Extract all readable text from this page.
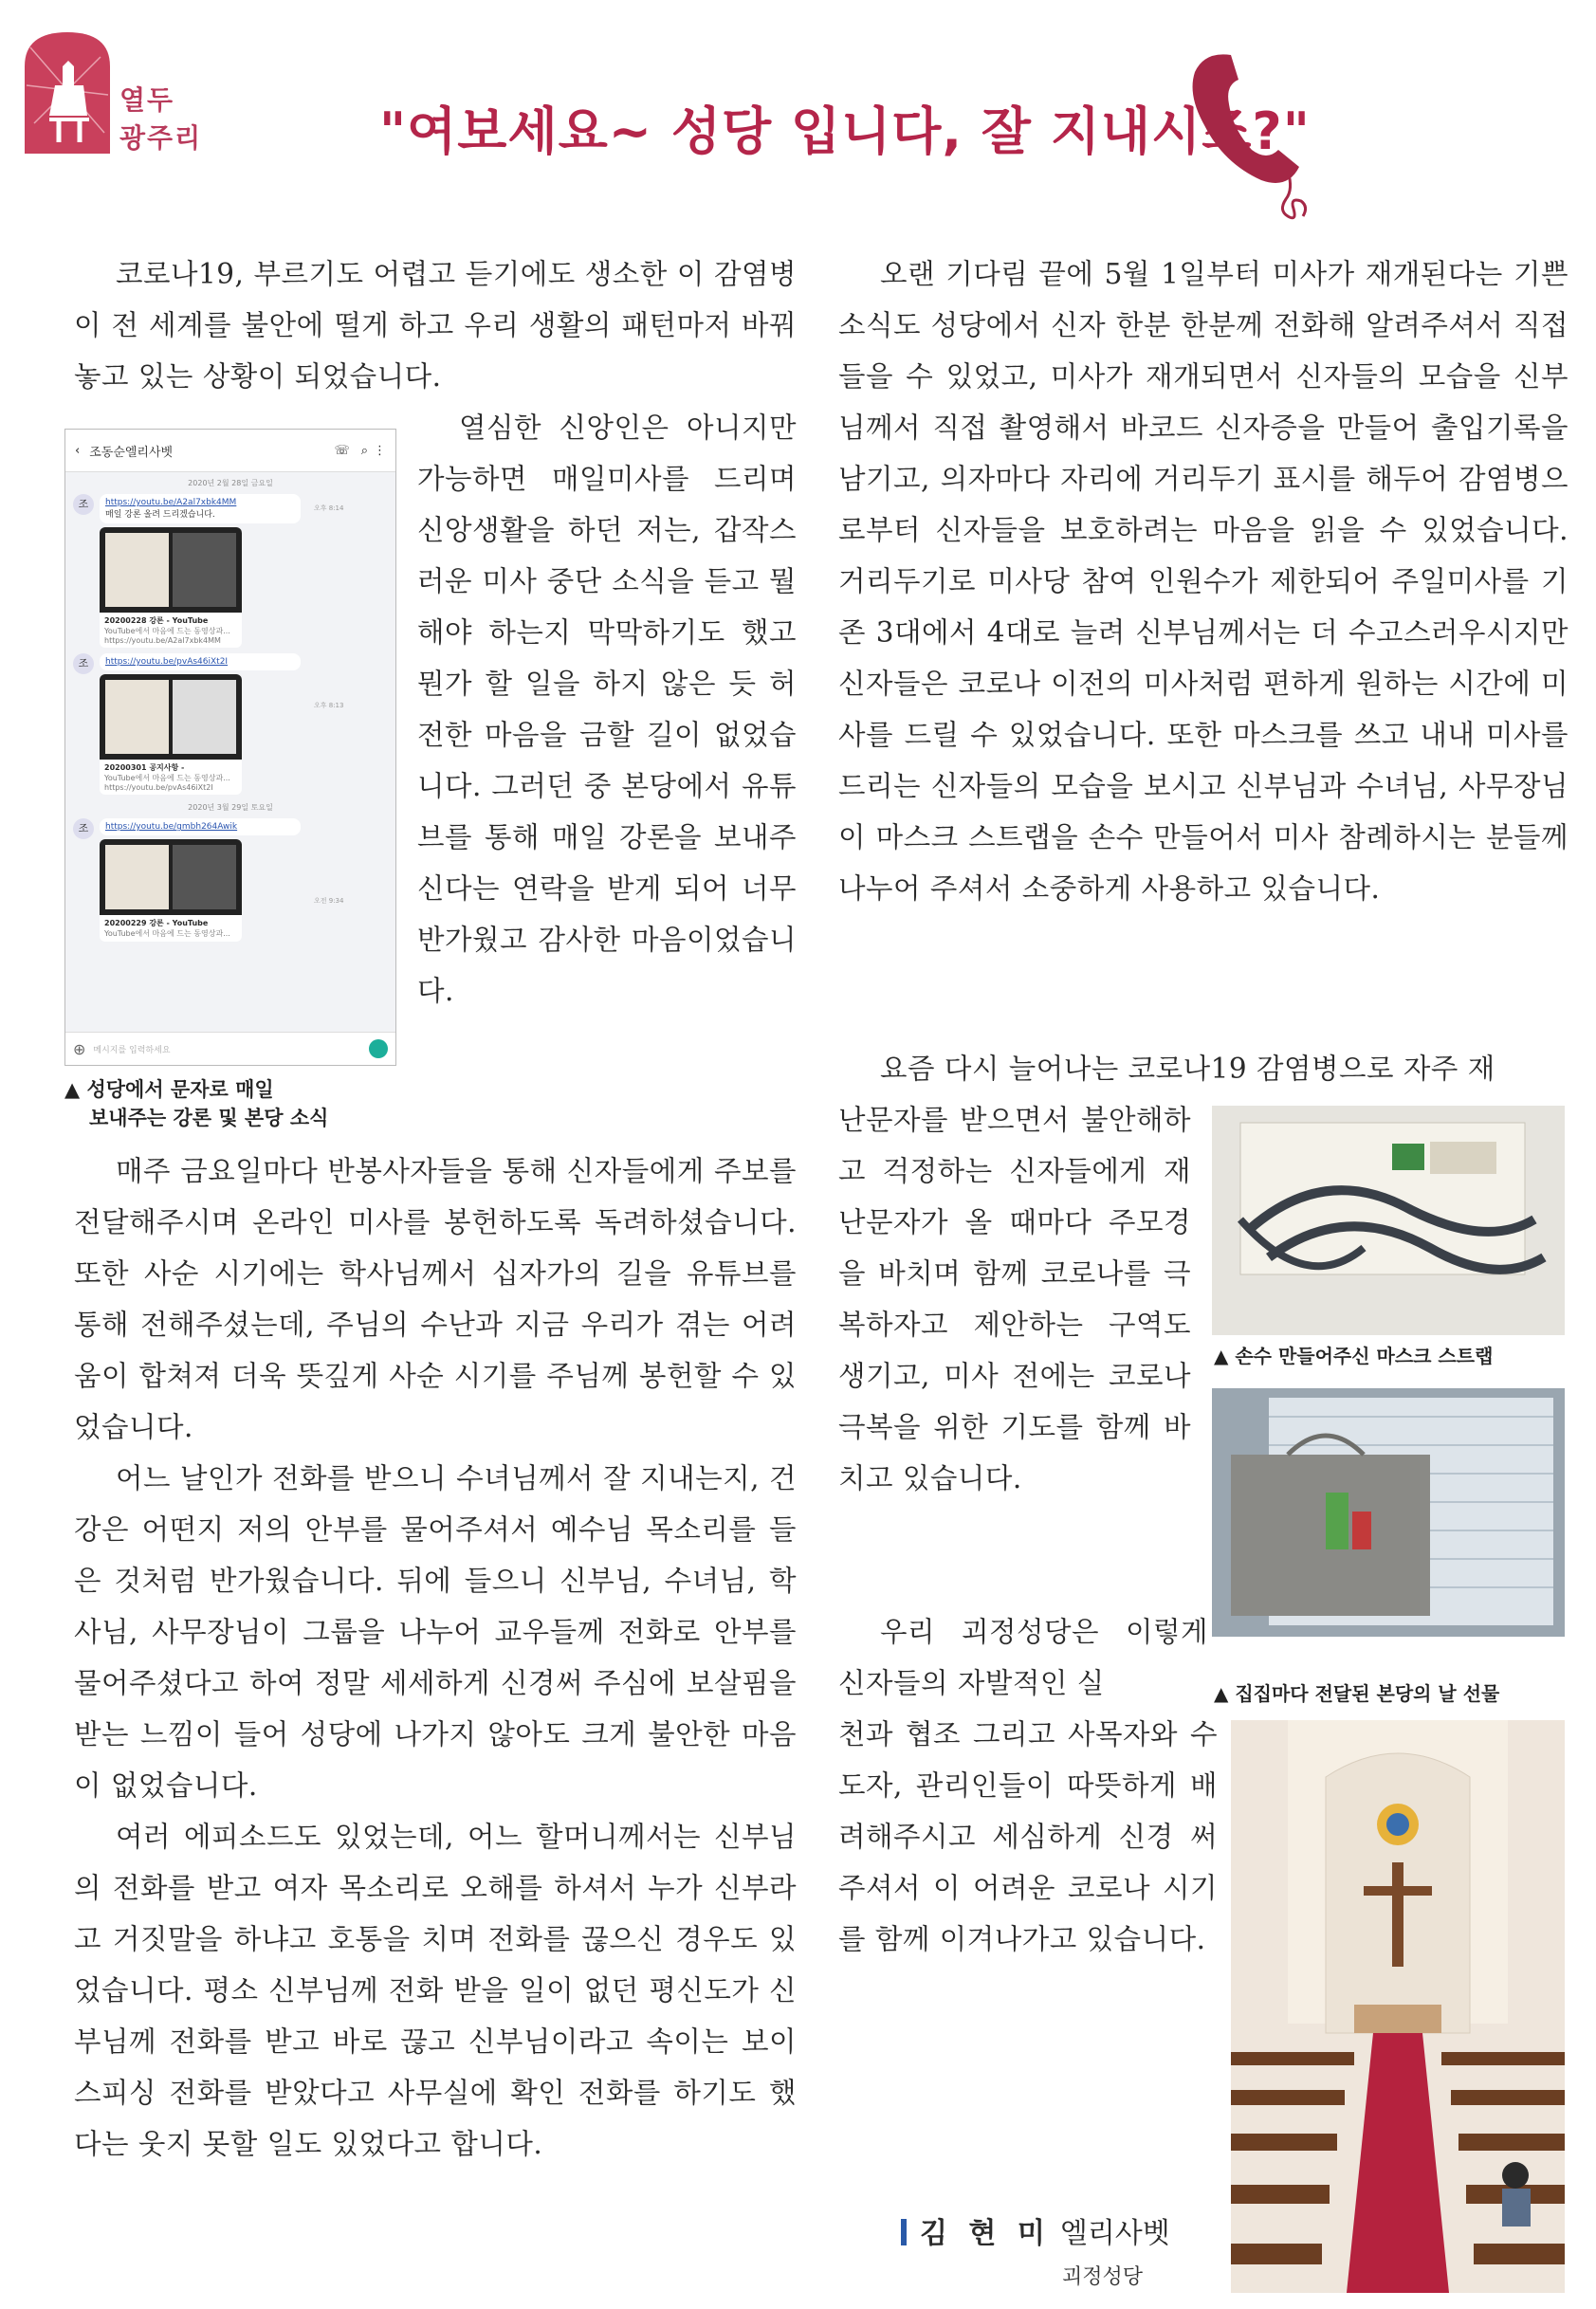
열두
광주리	"여보세요~ 성당 입니다, 잘 지내시죠?"

코로나19, 부르기도 어렵고 듣기에도 생소한 이 감염병이 전 세계를 불안에 떨게 하고 우리 생활의 패턴마저 바꿔놓고 있는 상황이 되었습니다.

열심한 신앙인은 아니지만 가능하면 매일미사를 드리며 신앙생활을 하던 저는, 갑작스러운 미사 중단 소식을 듣고 뭘 해야 하는지 막막하기도 했고 뭔가 할 일을 하지 않은 듯 허전한 마음을 금할 길이 없었습니다. 그러던 중 본당에서 유튜브를 통해 매일 강론을 보내주신다는 연락을 받게 되어 너무 반가웠고 감사한 마음이었습니다.

매주 금요일마다 반봉사자들을 통해 신자들에게 주보를 전달해주시며 온라인 미사를 봉헌하도록 독려하셨습니다. 또한 사순 시기에는 학사님께서 십자가의 길을 유튜브를 통해 전해주셨는데, 주님의 수난과 지금 우리가 겪는 어려움이 합쳐져 더욱 뜻깊게 사순 시기를 주님께 봉헌할 수 있었습니다.

어느 날인가 전화를 받으니 수녀님께서 잘 지내는지, 건강은 어떤지 저의 안부를 물어주셔서 예수님 목소리를 들은 것처럼 반가웠습니다. 뒤에 들으니 신부님, 수녀님, 학사님, 사무장님이 그룹을 나누어 교우들께 전화로 안부를 물어주셨다고 하여 정말 세세하게 신경써 주심에 보살핌을 받는 느낌이 들어 성당에 나가지 않아도 크게 불안한 마음이 없었습니다.

여러 에피소드도 있었는데, 어느 할머니께서는 신부님의 전화를 받고 여자 목소리로 오해를 하셔서 누가 신부라고 거짓말을 하냐고 호통을 치며 전화를 끊으신 경우도 있었습니다. 평소 신부님께 전화 받을 일이 없던 평신도가 신부님께 전화를 받고 바로 끊고 신부님이라고 속이는 보이스피싱 전화를 받았다고 사무실에 확인 전화를 하기도 했다는 웃지 못할 일도 있었다고 합니다.

‹ 조동순엘리사벳	☏ ⌕ ⋮
2020년 2월 28일 금요일
조	https://youtu.be/A2al7xbk4MM
매일 강론 올려 드리겠습니다.
20200228 강론 - YouTube
YouTube에서 마음에 드는 동영상과...
https://youtu.be/A2al7xbk4MM
오후 8:14
조	https://youtu.be/pvAs46iXt2I
20200301 공지사항 -
YouTube에서 마음에 드는 동영상과...
https://youtu.be/pvAs46iXt2I
오후 8:13
2020년 3월 29일 토요일
조	https://youtu.be/gmbh264Awik
20200229 강론 - YouTube
YouTube에서 마음에 드는 동영상과...
오전 9:34
⊕ 메시지를 입력하세요
▲ 성당에서 문자로 매일
보내주는 강론 및 본당 소식

오랜 기다림 끝에 5월 1일부터 미사가 재개된다는 기쁜 소식도 성당에서 신자 한분 한분께 전화해 알려주셔서 직접 들을 수 있었고, 미사가 재개되면서 신자들의 모습을 신부님께서 직접 촬영해서 바코드 신자증을 만들어 출입기록을 남기고, 의자마다 자리에 거리두기 표시를 해두어 감염병으로부터 신자들을 보호하려는 마음을 읽을 수 있었습니다. 거리두기로 미사당 참여 인원수가 제한되어 주일미사를 기존 3대에서 4대로 늘려 신부님께서는 더 수고스러우시지만 신자들은 코로나 이전의 미사처럼 편하게 원하는 시간에 미사를 드릴 수 있었습니다. 또한 마스크를 쓰고 내내 미사를 드리는 신자들의 모습을 보시고 신부님과 수녀님, 사무장님이 마스크 스트랩을 손수 만들어서 미사 참례하시는 분들께 나누어 주셔서 소중하게 사용하고 있습니다.

요즘 다시 늘어나는 코로나19 감염병으로 자주 재

난문자를 받으면서 불안해하고 걱정하는 신자들에게 재난문자가 올 때마다 주모경을 바치며 함께 코로나를 극복하자고 제안하는 구역도 생기고, 미사 전에는 코로나 극복을 위한 기도를 함께 바치고 있습니다.

우리 괴정성당은 이렇게 신자들의 자발적인 실

천과 협조 그리고 사목자와 수도자, 관리인들이 따뜻하게 배려해주시고 세심하게 신경 써주셔서 이 어려운 코로나 시기를 함께 이겨나가고 있습니다.

▲ 손수 만들어주신 마스크 스트랩
▲ 집집마다 전달된 본당의 날 선물
김 현 미 엘리사벳
괴정성당
